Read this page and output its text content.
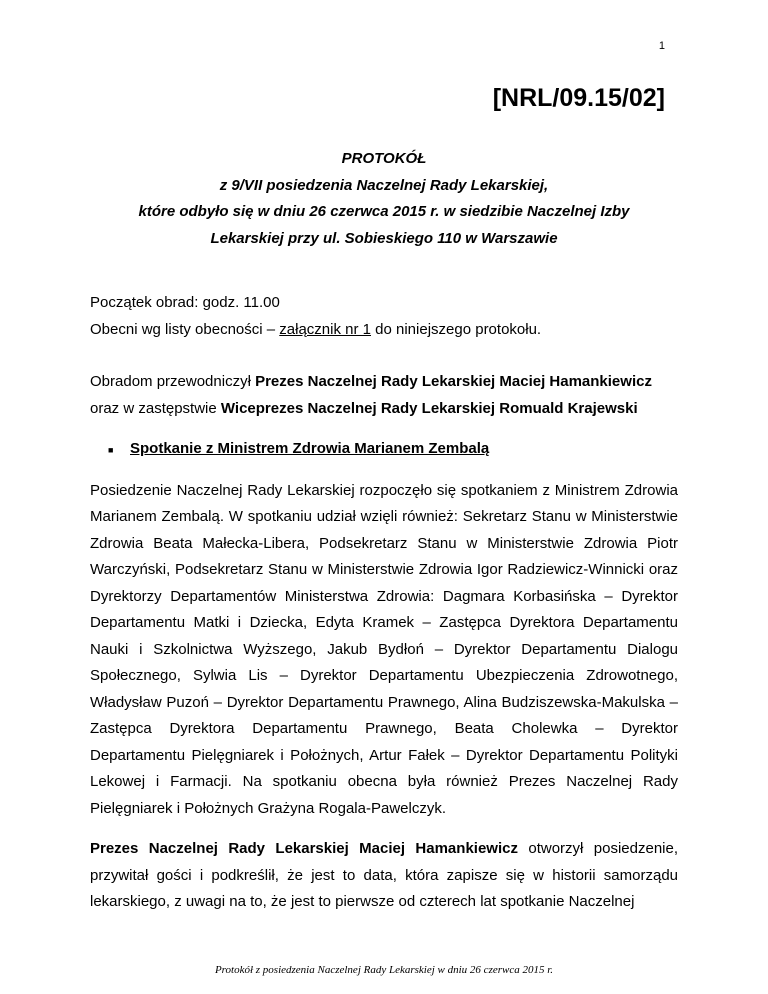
1
[NRL/09.15/02]
PROTOKÓŁ
z 9/VII posiedzenia Naczelnej Rady Lekarskiej,
które odbyło się w dniu 26 czerwca 2015 r. w siedzibie Naczelnej Izby
Lekarskiej przy ul. Sobieskiego 110 w Warszawie

Początek obrad: godz. 11.00

Obecni wg listy obecności – załącznik nr 1 do niniejszego protokołu.

Obradom przewodniczył Prezes Naczelnej Rady Lekarskiej Maciej Hamankiewicz oraz w zastępstwie Wiceprezes Naczelnej Rady Lekarskiej Romuald Krajewski

■	Spotkanie z Ministrem Zdrowia Marianem Zembalą

Posiedzenie Naczelnej Rady Lekarskiej rozpoczęło się spotkaniem z Ministrem Zdrowia Marianem Zembalą. W spotkaniu udział wzięli również: Sekretarz Stanu w Ministerstwie Zdrowia Beata Małecka-Libera, Podsekretarz Stanu w Ministerstwie Zdrowia Piotr Warczyński, Podsekretarz Stanu w Ministerstwie Zdrowia Igor Radziewicz-Winnicki oraz Dyrektorzy Departamentów Ministerstwa Zdrowia: Dagmara Korbasińska – Dyrektor Departamentu Matki i Dziecka, Edyta Kramek – Zastępca Dyrektora Departamentu Nauki i Szkolnictwa Wyższego, Jakub Bydłoń – Dyrektor Departamentu Dialogu Społecznego, Sylwia Lis – Dyrektor Departamentu Ubezpieczenia Zdrowotnego, Władysław Puzoń – Dyrektor Departamentu Prawnego, Alina Budziszewska-Makulska – Zastępca Dyrektora Departamentu Prawnego, Beata Cholewka – Dyrektor Departamentu Pielęgniarek i Położnych, Artur Fałek – Dyrektor Departamentu Polityki Lekowej i Farmacji. Na spotkaniu obecna była również Prezes Naczelnej Rady Pielęgniarek i Położnych Grażyna Rogala-Pawelczyk.

Prezes Naczelnej Rady Lekarskiej Maciej Hamankiewicz otworzył posiedzenie, przywitał gości i podkreślił, że jest to data, która zapisze się w historii samorządu lekarskiego, z uwagi na to, że jest to pierwsze od czterech lat spotkanie Naczelnej

Protokół z posiedzenia Naczelnej Rady Lekarskiej w dniu 26 czerwca 2015 r.
